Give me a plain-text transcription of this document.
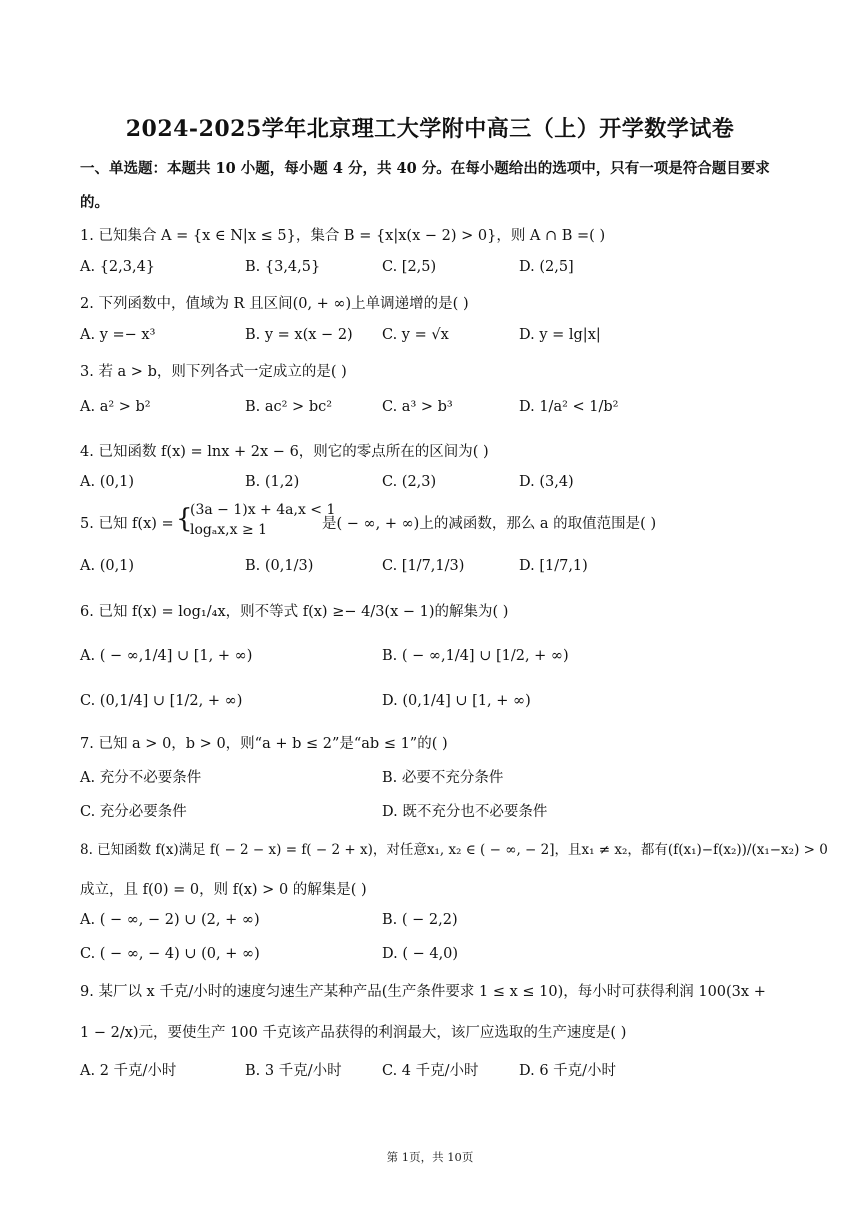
2024-2025学年北京理工大学附中高三（上）开学数学试卷
一、单选题：本题共 10 小题，每小题 4 分，共 40 分。在每小题给出的选项中，只有一项是符合题目要求
的。
1. 已知集合 A = {x ∈ N|x ≤ 5}，集合 B = {x|x(x − 2) > 0}，则 A ∩ B =( )
A. {2,3,4}	B. {3,4,5}	C. [2,5)	D. (2,5]
2. 下列函数中，值域为 R 且区间(0, + ∞)上单调递增的是( )
A. y =− x³	B. y = x(x − 2) C. y = √x	D. y = lg|x|
3. 若 a > b，则下列各式一定成立的是( )
A. a² > b²	B. ac² > bc²	C. a³ > b³	D. 1/a² < 1/b²
4. 已知函数 f(x) = lnx + 2x − 6，则它的零点所在的区间为( )
A. (0,1)	B. (1,2)	C. (2,3)	D. (3,4)
5. 已知 f(x) = {
(3a − 1)x + 4a,x < 1
logₐx,x ≥ 1	是( − ∞, + ∞)上的减函数，那么 a 的取值范围是( )
A. (0,1)	B. (0,1/3)	C. [1/7,1/3)	D. [1/7,1)
6. 已知 f(x) = log₁/₄x，则不等式 f(x) ≥− 4/3(x − 1)的解集为( )
A. ( − ∞,1/4] ∪ [1, + ∞)	B. ( − ∞,1/4] ∪ [1/2, + ∞)
C. (0,1/4] ∪ [1/2, + ∞)	D. (0,1/4] ∪ [1, + ∞)
7. 已知 a > 0，b > 0，则“a + b ≤ 2”是“ab ≤ 1”的( )
A. 充分不必要条件	B. 必要不充分条件
C. 充分必要条件	D. 既不充分也不必要条件
8. 已知函数 f(x)满足 f( − 2 − x) = f( − 2 + x)，对任意x₁, x₂ ∈ ( − ∞, − 2]，且x₁ ≠ x₂，都有(f(x₁)−f(x₂))/(x₁−x₂) > 0
成立，且 f(0) = 0，则 f(x) > 0 的解集是( )
A. ( − ∞, − 2) ∪ (2, + ∞)	B. ( − 2,2)
C. ( − ∞, − 4) ∪ (0, + ∞)	D. ( − 4,0)
9. 某厂以 x 千克/小时的速度匀速生产某种产品(生产条件要求 1 ≤ x ≤ 10)，每小时可获得利润 100(3x +
1 − 2/x)元，要使生产 100 千克该产品获得的利润最大，该厂应选取的生产速度是( )
A. 2 千克/小时	B. 3 千克/小时	C. 4 千克/小时	D. 6 千克/小时
第 1页，共 10页
